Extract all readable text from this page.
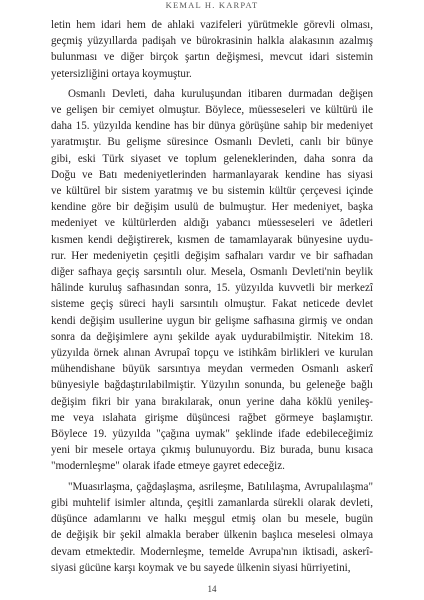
KEMAL H. KARPAT

letin hem idari hem de ahlaki vazifeleri yürütmekle görevli olması,
geçmiş yüzyıllarda padişah ve bürokrasinin halkla alakasının azalmış
bulunması ve diğer birçok şartın değişmesi, mevcut idari sistemin
yetersizliğini ortaya koymuştur.

Osmanlı Devleti, daha kuruluşundan itibaren durmadan değişen
ve gelişen bir cemiyet olmuştur. Böylece, müesseseleri ve kültürü ile
daha 15. yüzyılda kendine has bir dünya görüşüne sahip bir medeniyet
yaratmıştır. Bu gelişme süresince Osmanlı Devleti, canlı bir bünye
gibi, eski Türk siyaset ve toplum geleneklerinden, daha sonra da
Doğu ve Batı medeniyetlerinden harmanlayarak kendine has siyasi
ve kültürel bir sistem yaratmış ve bu sistemin kültür çerçevesi içinde
kendine göre bir değişim usulü de bulmuştur. Her medeniyet, başka
medeniyet ve kültürlerden aldığı yabancı müesseseleri ve âdetleri
kısmen kendi değiştirerek, kısmen de tamamlayarak bünyesine uydu-
rur. Her medeniyetin çeşitli değişim safhaları vardır ve bir safhadan
diğer safhaya geçiş sarsıntılı olur. Mesela, Osmanlı Devleti'nin beylik
hâlinde kuruluş safhasından sonra, 15. yüzyılda kuvvetli bir merkezî
sisteme geçiş süreci hayli sarsıntılı olmuştur. Fakat neticede devlet
kendi değişim usullerine uygun bir gelişme safhasına girmiş ve ondan
sonra da değişimlere aynı şekilde ayak uydurabilmiştir. Nitekim 18.
yüzyılda örnek alınan Avrupaî topçu ve istihkâm birlikleri ve kurulan
mühendishane büyük sarsıntıya meydan vermeden Osmanlı askerî
bünyesiyle bağdaştırılabilmiştir. Yüzyılın sonunda, bu geleneğe bağlı
değişim fikri bir yana bırakılarak, onun yerine daha köklü yenileş-
me veya ıslahata girişme düşüncesi rağbet görmeye başlamıştır.
Böylece 19. yüzyılda "çağına uymak" şeklinde ifade edebileceğimiz
yeni bir mesele ortaya çıkmış bulunuyordu. Biz burada, bunu kısaca
"modernleşme" olarak ifade etmeye gayret edeceğiz.

"Muasırlaşma, çağdaşlaşma, asrileşme, Batılılaşma, Avrupalılaşma"
gibi muhtelif isimler altında, çeşitli zamanlarda sürekli olarak devleti,
düşünce adamlarını ve halkı meşgul etmiş olan bu mesele, bugün
de değişik bir şekil almakla beraber ülkenin başlıca meselesi olmaya
devam etmektedir. Modernleşme, temelde Avrupa'nın iktisadi, askerî-
siyasi gücüne karşı koymak ve bu sayede ülkenin siyasi hürriyetini,

14
